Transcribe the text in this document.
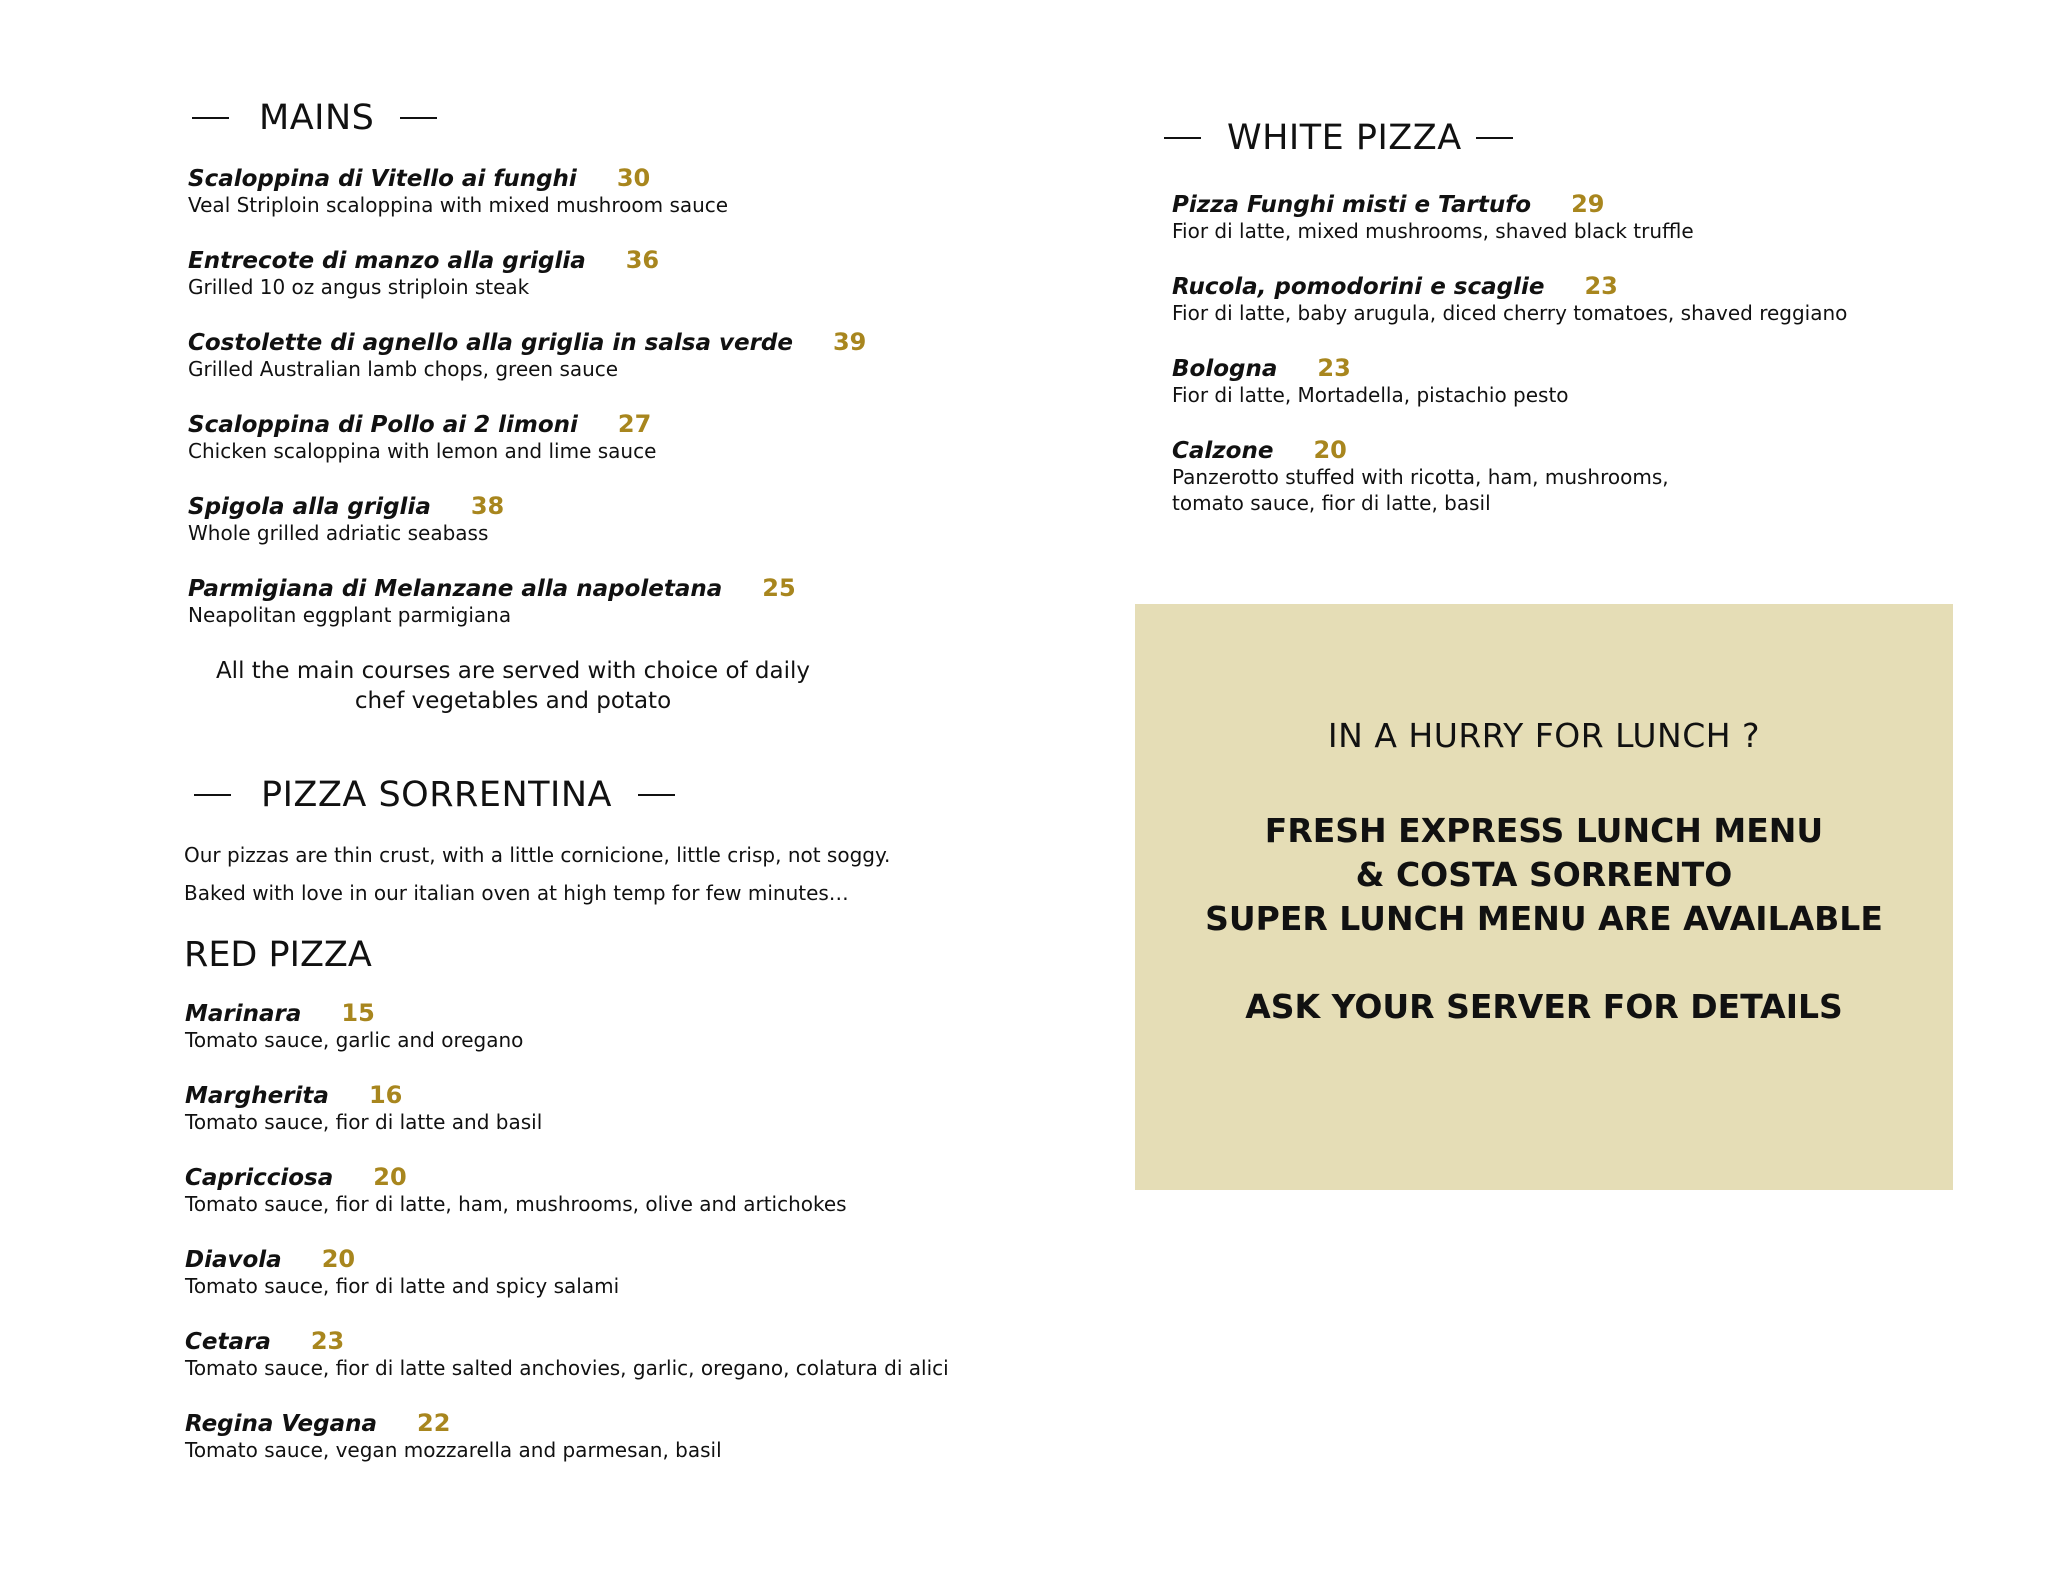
MAINS
Scaloppina di Vitello ai funghi 30
Veal Striploin scaloppina with mixed mushroom sauce
Entrecote di manzo alla griglia 36
Grilled 10 oz angus striploin steak
Costolette di agnello alla griglia in salsa verde 39
Grilled Australian lamb chops, green sauce
Scaloppina di Pollo ai 2 limoni 27
Chicken scaloppina with lemon and lime sauce
Spigola alla griglia 38
Whole grilled adriatic seabass
Parmigiana di Melanzane alla napoletana 25
Neapolitan eggplant parmigiana
All the main courses are served with choice of daily
chef vegetables and potato
PIZZA SORRENTINA
Our pizzas are thin crust, with a little cornicione, little crisp, not soggy.
Baked with love in our italian oven at high temp for few minutes…
RED PIZZA
Marinara 15
Tomato sauce, garlic and oregano
Margherita 16
Tomato sauce, fior di latte and basil
Capricciosa 20
Tomato sauce, fior di latte, ham, mushrooms, olive and artichokes
Diavola 20
Tomato sauce, fior di latte and spicy salami
Cetara 23
Tomato sauce, fior di latte salted anchovies, garlic, oregano, colatura di alici
Regina Vegana 22
Tomato sauce, vegan mozzarella and parmesan, basil
WHITE PIZZA
Pizza Funghi misti e Tartufo 29
Fior di latte, mixed mushrooms, shaved black truffle
Rucola, pomodorini e scaglie 23
Fior di latte, baby arugula, diced cherry tomatoes, shaved reggiano
Bologna 23
Fior di latte, Mortadella, pistachio pesto
Calzone 20
Panzerotto stuffed with ricotta, ham, mushrooms,
tomato sauce, fior di latte, basil
IN A HURRY FOR LUNCH ?
FRESH EXPRESS LUNCH MENU
& COSTA SORRENTO
SUPER LUNCH MENU ARE AVAILABLE
ASK YOUR SERVER FOR DETAILS
